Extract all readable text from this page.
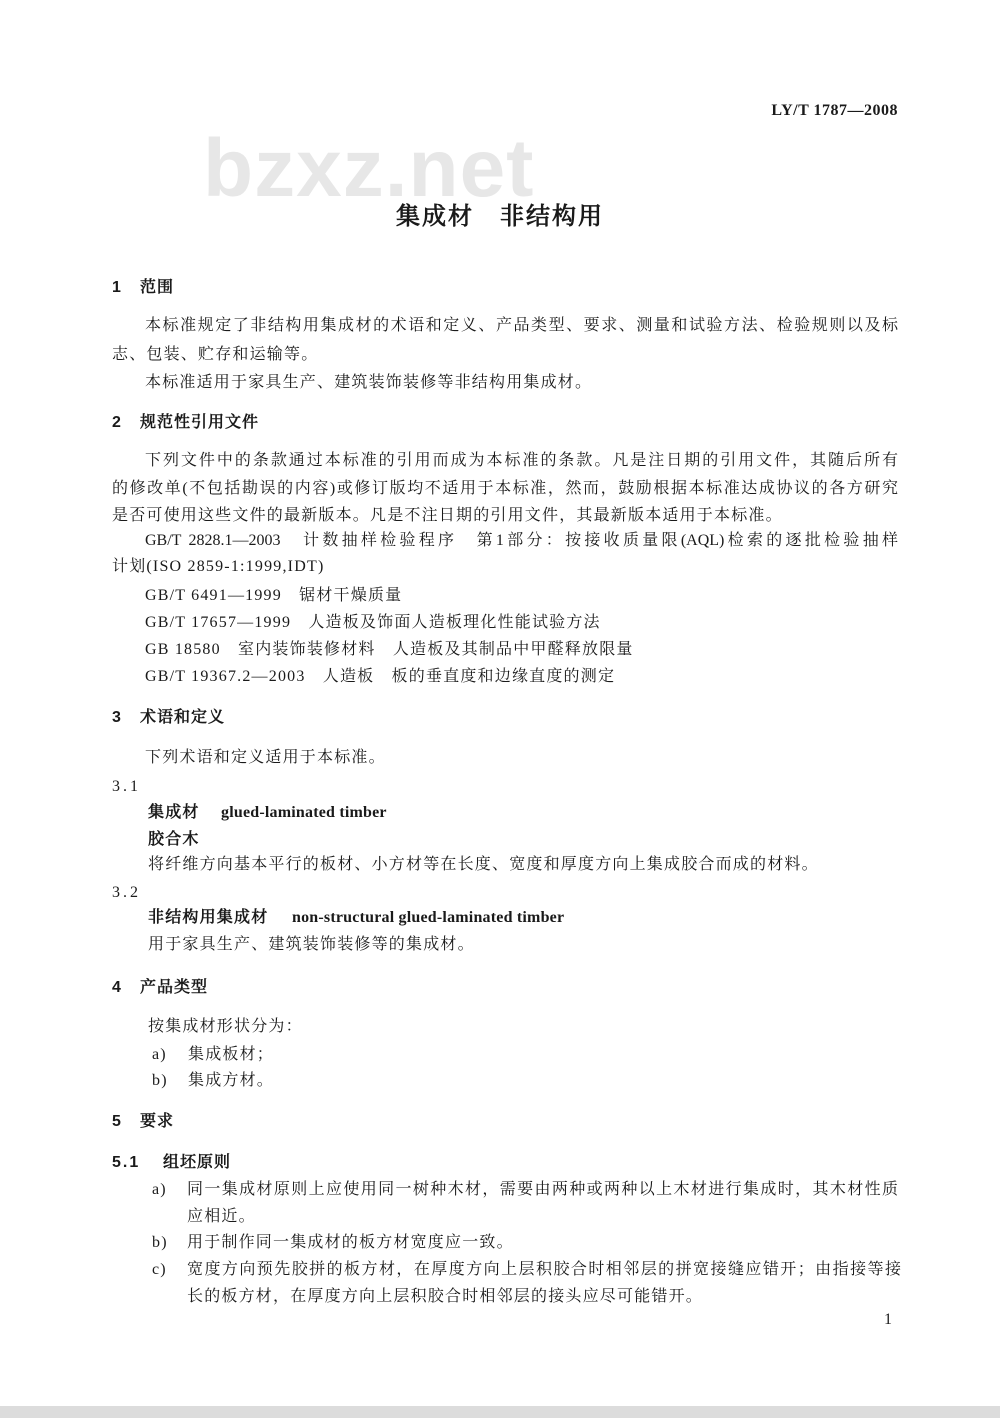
LY/T 1787—2008
bzxz.net
集成材　非结构用
1 范围
本标准规定了非结构用集成材的术语和定义、产品类型、要求、测量和试验方法、检验规则以及标
志、包装、贮存和运输等。
本标准适用于家具生产、建筑装饰装修等非结构用集成材。
2 规范性引用文件
下列文件中的条款通过本标准的引用而成为本标准的条款。凡是注日期的引用文件，其随后所有
的修改单(不包括勘误的内容)或修订版均不适用于本标准，然而，鼓励根据本标准达成协议的各方研究
是否可使用这些文件的最新版本。凡是不注日期的引用文件，其最新版本适用于本标准。
GB/T 2828.1—2003　计数抽样检验程序　第1部分：按接收质量限(AQL)检索的逐批检验抽样
计划(ISO 2859-1:1999,IDT)
GB/T 6491—1999　锯材干燥质量
GB/T 17657—1999　人造板及饰面人造板理化性能试验方法
GB 18580　室内装饰装修材料　人造板及其制品中甲醛释放限量
GB/T 19367.2—2003　人造板　板的垂直度和边缘直度的测定
3 术语和定义
下列术语和定义适用于本标准。
3.1
集成材 glued-laminated timber
胶合木
将纤维方向基本平行的板材、小方材等在长度、宽度和厚度方向上集成胶合而成的材料。
3.2
非结构用集成材 non-structural glued-laminated timber
用于家具生产、建筑装饰装修等的集成材。
4 产品类型
按集成材形状分为：
a) 集成板材；
b) 集成方材。
5 要求
5.1 组坯原则
a) 同一集成材原则上应使用同一树种木材，需要由两种或两种以上木材进行集成时，其木材性质
应相近。
b) 用于制作同一集成材的板方材宽度应一致。
c) 宽度方向预先胶拼的板方材，在厚度方向上层积胶合时相邻层的拼宽接缝应错开；由指接等接
长的板方材，在厚度方向上层积胶合时相邻层的接头应尽可能错开。
1
